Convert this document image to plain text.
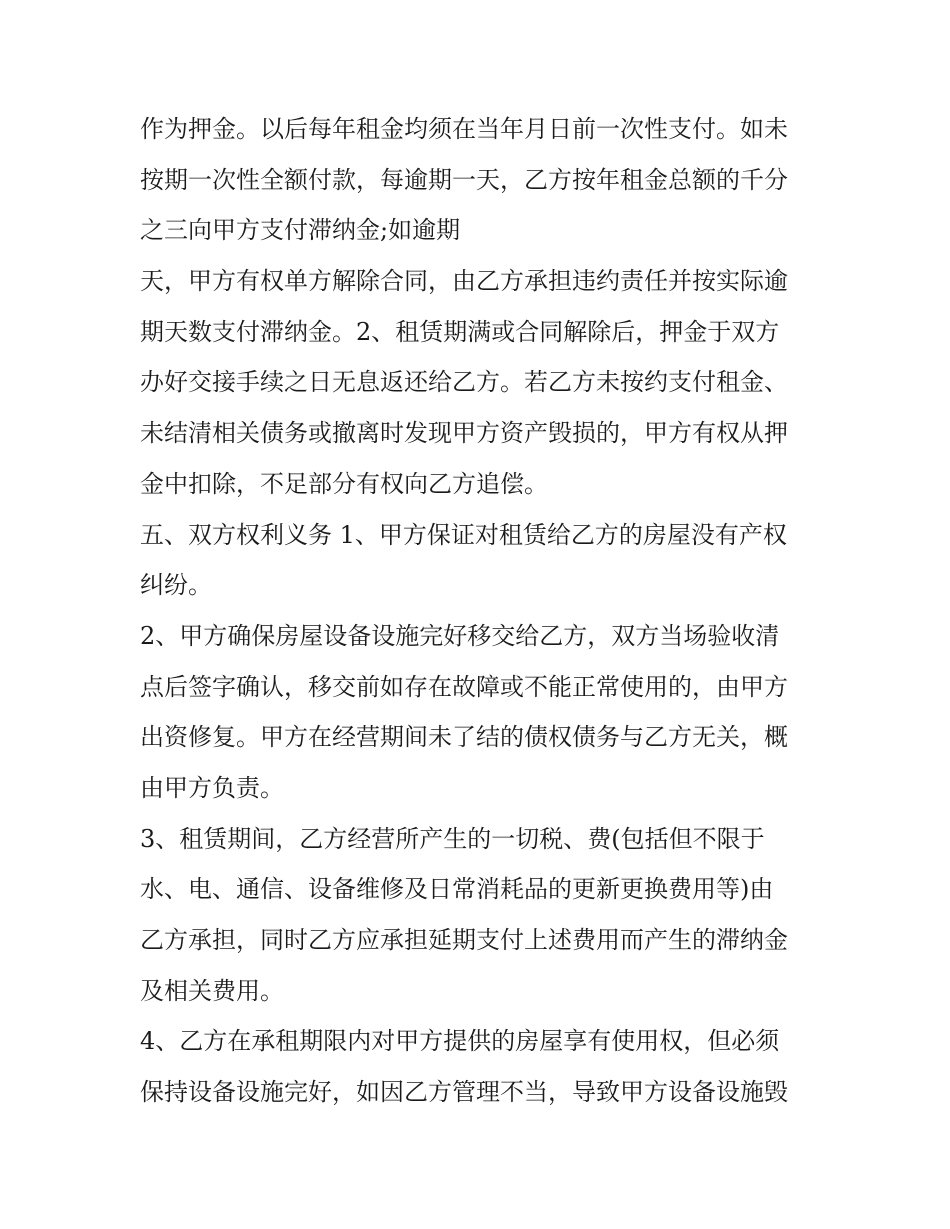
作为押金。以后每年租金均须在当年月日前一次性支付。如未
按期一次性全额付款，每逾期一天，乙方按年租金总额的千分
之三向甲方支付滞纳金;如逾期
天，甲方有权单方解除合同，由乙方承担违约责任并按实际逾
期天数支付滞纳金。2、租赁期满或合同解除后，押金于双方
办好交接手续之日无息返还给乙方。若乙方未按约支付租金、
未结清相关债务或撤离时发现甲方资产毁损的，甲方有权从押
金中扣除，不足部分有权向乙方追偿。
五、双方权利义务 1、甲方保证对租赁给乙方的房屋没有产权
纠纷。
2、甲方确保房屋设备设施完好移交给乙方，双方当场验收清
点后签字确认，移交前如存在故障或不能正常使用的，由甲方
出资修复。甲方在经营期间未了结的债权债务与乙方无关，概
由甲方负责。
3、租赁期间，乙方经营所产生的一切税、费(包括但不限于
水、电、通信、设备维修及日常消耗品的更新更换费用等)由
乙方承担，同时乙方应承担延期支付上述费用而产生的滞纳金
及相关费用。
4、乙方在承租期限内对甲方提供的房屋享有使用权，但必须
保持设备设施完好，如因乙方管理不当，导致甲方设备设施毁
